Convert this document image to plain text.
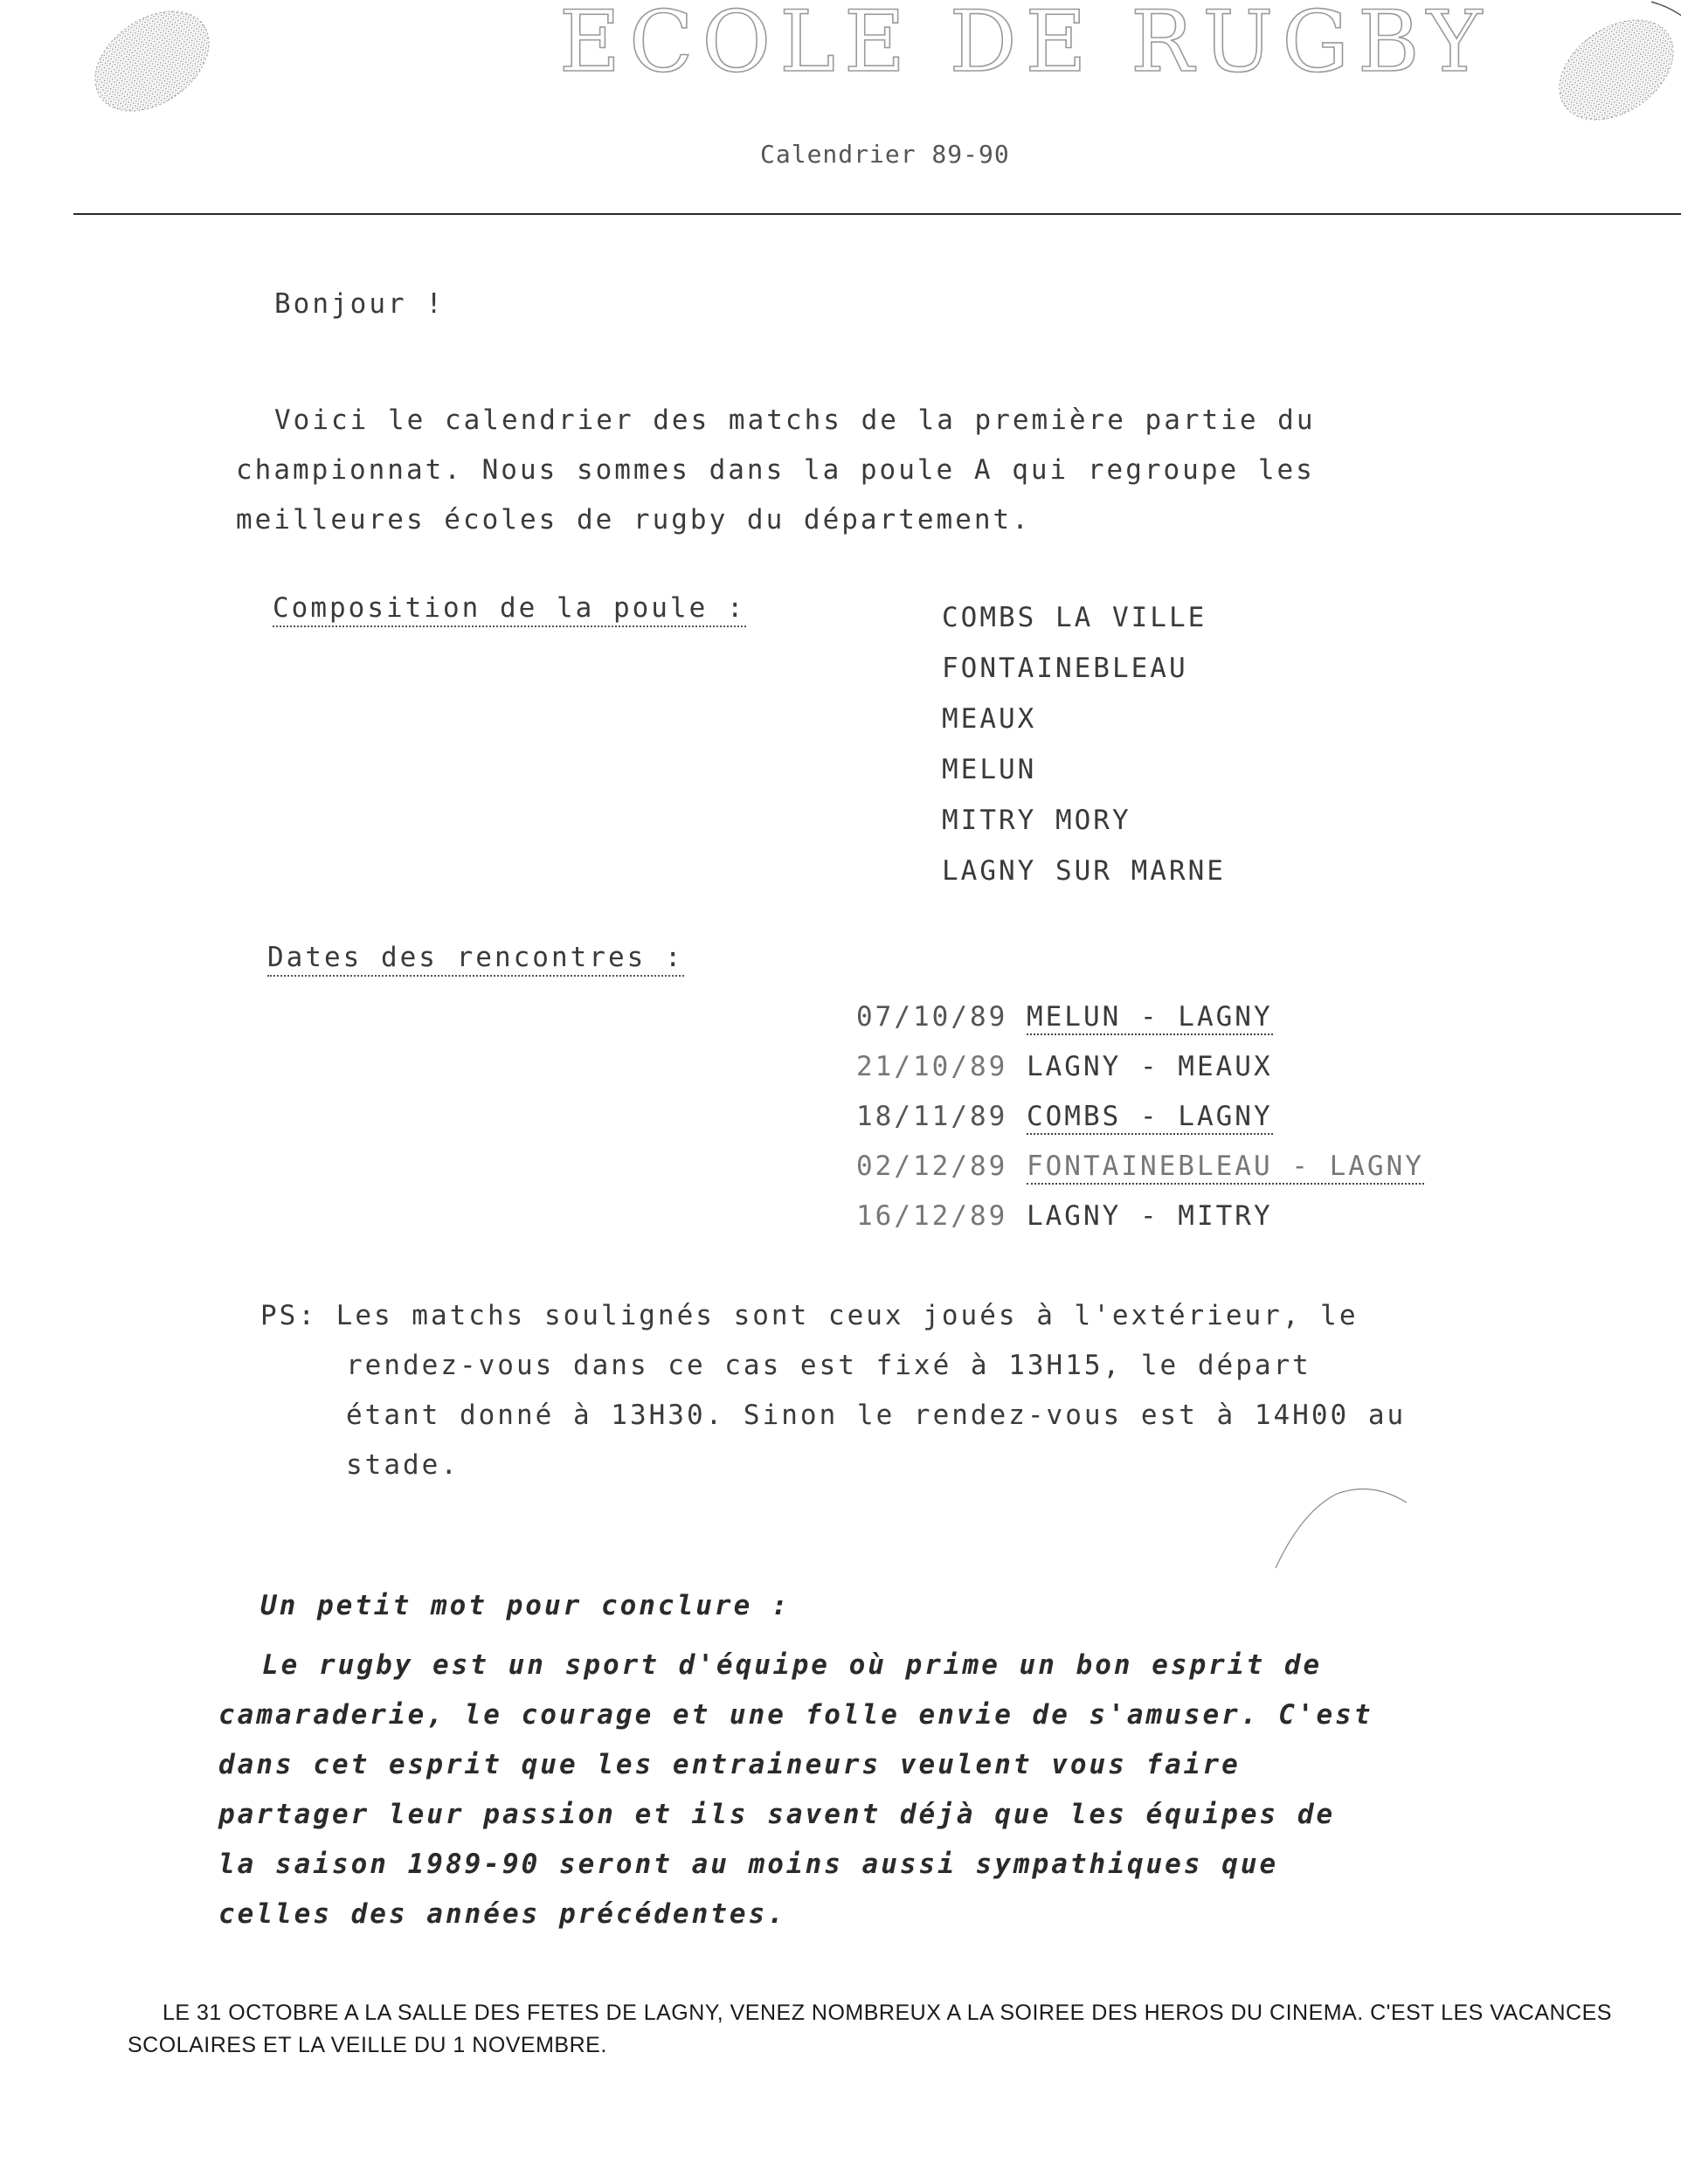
ECOLE DE RUGBY
Calendrier 89-90
Bonjour !
Voici le calendrier des matchs de la première partie du
championnat. Nous sommes dans la poule A qui regroupe les
meilleures écoles de rugby du département.
Composition de la poule :	COMBS LA VILLE
FONTAINEBLEAU
MEAUX
MELUN
MITRY MORY
LAGNY SUR MARNE
Dates des rencontres :
07/10/89 MELUN - LAGNY
21/10/89 LAGNY - MEAUX
18/11/89 COMBS - LAGNY
02/12/89 FONTAINEBLEAU - LAGNY
16/12/89 LAGNY - MITRY
PS: Les matchs soulignés sont ceux joués à l'extérieur, le
rendez-vous dans ce cas est fixé à 13H15, le départ
étant donné à 13H30. Sinon le rendez-vous est à 14H00 au
stade.
Un petit mot pour conclure :
Le rugby est un sport d'équipe où prime un bon esprit de
camaraderie, le courage et une folle envie de s'amuser. C'est
dans cet esprit que les entraineurs veulent vous faire
partager leur passion et ils savent déjà que les équipes de
la saison 1989-90 seront au moins aussi sympathiques que
celles des années précédentes.
LE 31 OCTOBRE A LA SALLE DES FETES DE LAGNY, VENEZ NOMBREUX A LA SOIREE DES HEROS DU CINEMA. C'EST LES VACANCES
SCOLAIRES ET LA VEILLE DU 1 NOVEMBRE.
